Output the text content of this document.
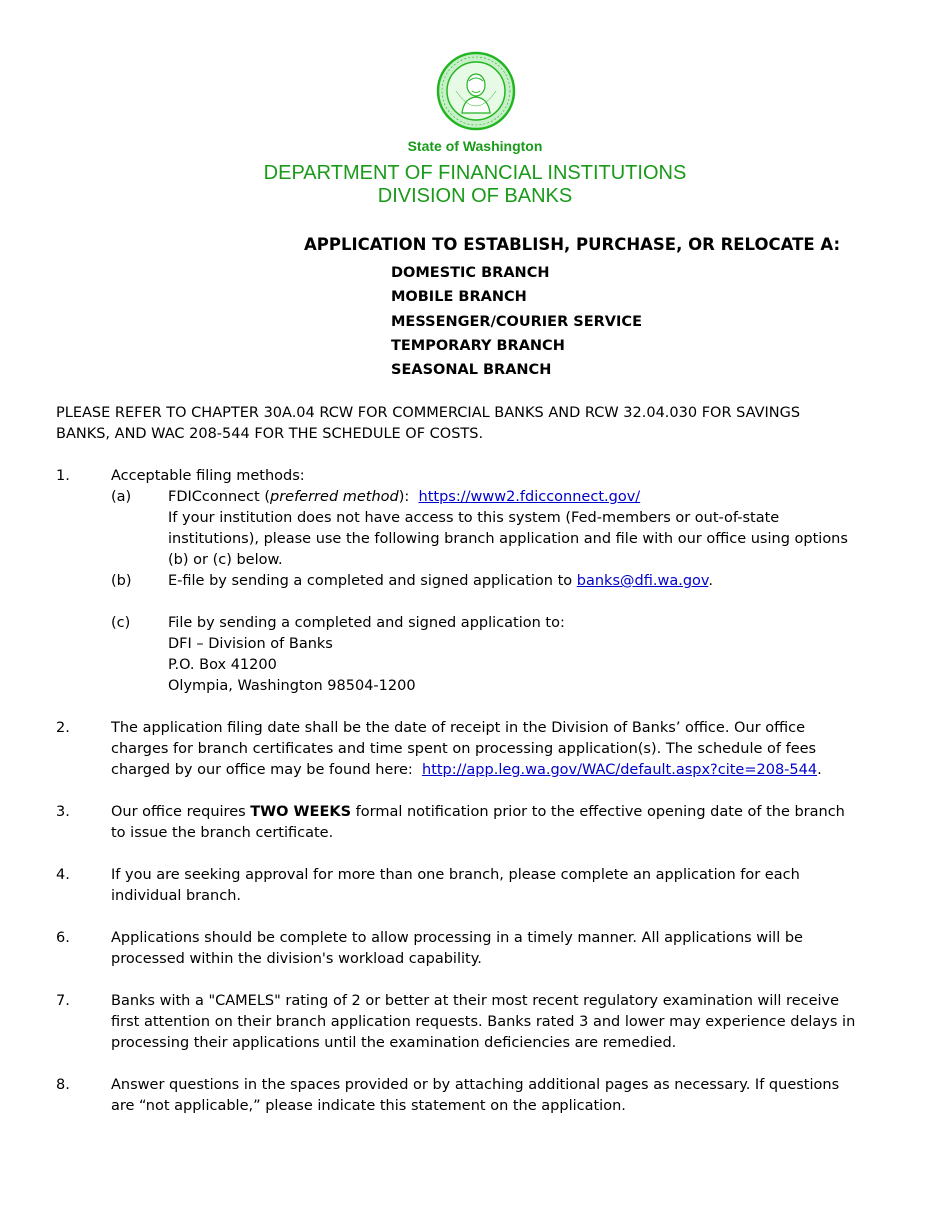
State of Washington
DEPARTMENT OF FINANCIAL INSTITUTIONS
DIVISION OF BANKS
APPLICATION TO ESTABLISH, PURCHASE, OR RELOCATE A:
DOMESTIC BRANCH
MOBILE BRANCH
MESSENGER/COURIER SERVICE
TEMPORARY BRANCH
SEASONAL BRANCH
PLEASE REFER TO CHAPTER 30A.04 RCW FOR COMMERCIAL BANKS AND RCW 32.04.030 FOR SAVINGS BANKS, AND WAC 208-544 FOR THE SCHEDULE OF COSTS.
1.	Acceptable filing methods:
(a)	FDICconnect (preferred method):  https://www2.fdicconnect.gov/
If your institution does not have access to this system (Fed-members or out-of-state institutions), please use the following branch application and file with our office using options (b) or (c) below.
(b)	E-file by sending a completed and signed application to banks@dfi.wa.gov.
(c)	File by sending a completed and signed application to:
DFI – Division of Banks
P.O. Box 41200
Olympia, Washington 98504-1200
2.	The application filing date shall be the date of receipt in the Division of Banks’ office. Our office charges for branch certificates and time spent on processing application(s). The schedule of fees charged by our office may be found here:  http://app.leg.wa.gov/WAC/default.aspx?cite=208-544.
3.	Our office requires TWO WEEKS formal notification prior to the effective opening date of the branch to issue the branch certificate.
4.	If you are seeking approval for more than one branch, please complete an application for each individual branch.
6.	Applications should be complete to allow processing in a timely manner. All applications will be processed within the division's workload capability.
7.	Banks with a "CAMELS" rating of 2 or better at their most recent regulatory examination will receive first attention on their branch application requests. Banks rated 3 and lower may experience delays in processing their applications until the examination deficiencies are remedied.
8.	Answer questions in the spaces provided or by attaching additional pages as necessary. If questions are “not applicable,” please indicate this statement on the application.
